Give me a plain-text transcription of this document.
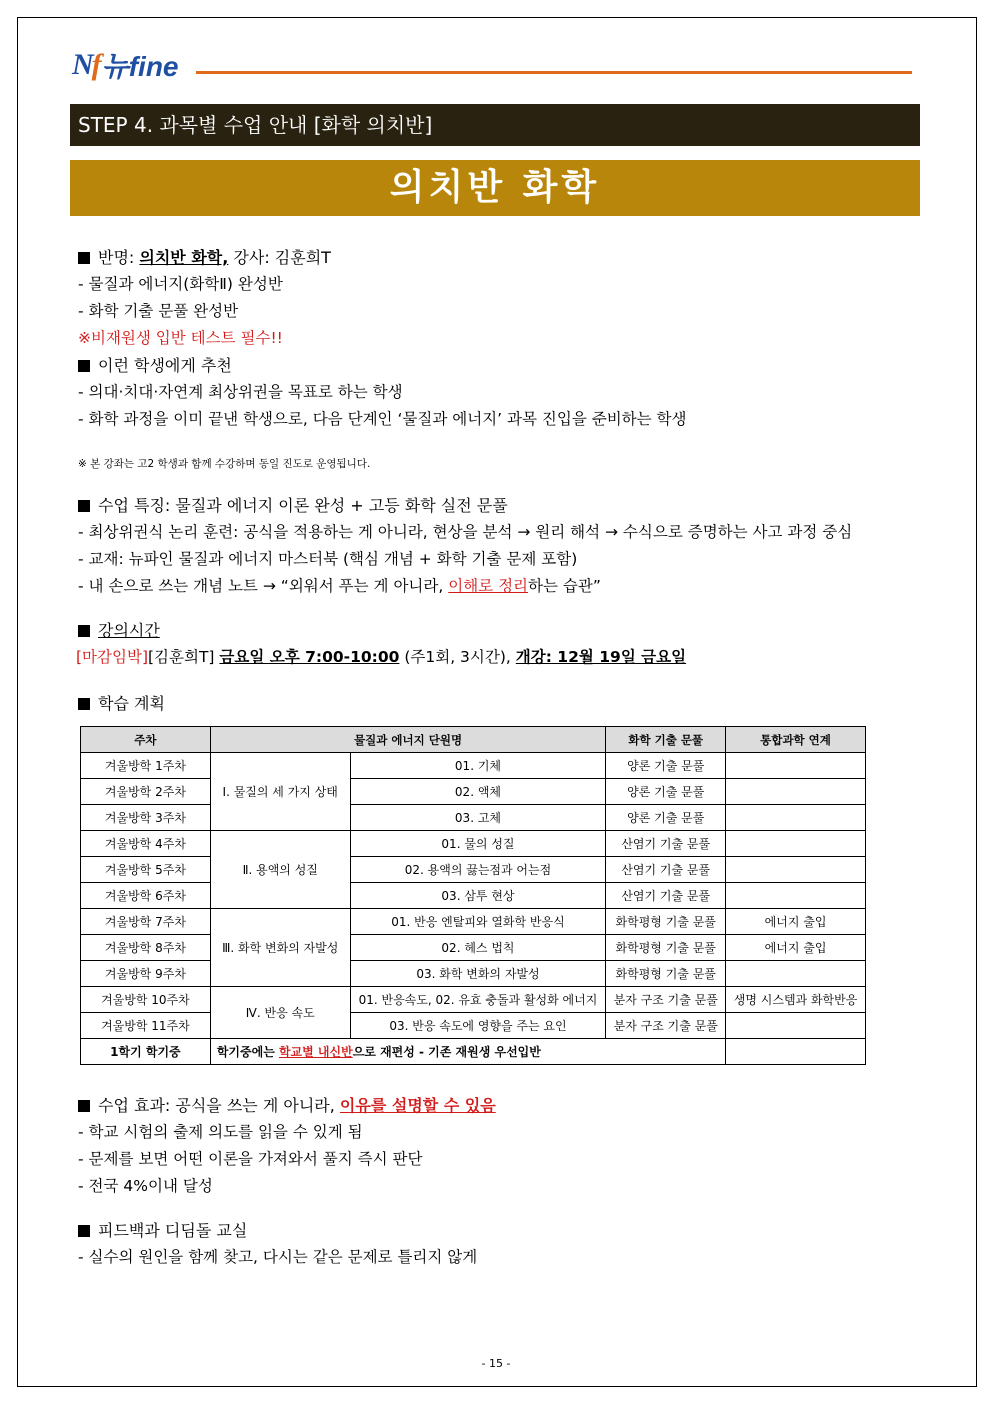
Nf 뉴fine
STEP 4. 과목별 수업 안내 [화학 의치반]
의치반 화학
반명: 의치반 화학, 강사: 김훈희T
- 물질과 에너지(화학Ⅱ) 완성반
- 화학 기출 문풀 완성반
※비재원생 입반 테스트 필수!!
이런 학생에게 추천
- 의대·치대·자연계 최상위권을 목표로 하는 학생
- 화학 과정을 이미 끝낸 학생으로, 다음 단계인 ‘물질과 에너지’ 과목 진입을 준비하는 학생
※ 본 강좌는 고2 학생과 함께 수강하며 동일 진도로 운영됩니다.
수업 특징: 물질과 에너지 이론 완성 + 고등 화학 실전 문풀
- 최상위권식 논리 훈련: 공식을 적용하는 게 아니라, 현상을 분석 → 원리 해석 → 수식으로 증명하는 사고 과정 중심
- 교재: 뉴파인 물질과 에너지 마스터북 (핵심 개념 + 화학 기출 문제 포함)
- 내 손으로 쓰는 개념 노트 → “외워서 푸는 게 아니라, 이해로 정리하는 습관”
강의시간
[마감임박][김훈희T] 금요일 오후 7:00-10:00 (주1회, 3시간), 개강: 12월 19일 금요일
학습 계획
주차	물질과 에너지 단원명		화학 기출 문풀	통합과학 연계
겨울방학 1주차	Ⅰ. 물질의 세 가지 상태	01. 기체	양론 기출 문풀	
겨울방학 2주차		02. 액체	양론 기출 문풀	
겨울방학 3주차		03. 고체	양론 기출 문풀	
겨울방학 4주차	Ⅱ. 용액의 성질	01. 물의 성질	산염기 기출 문풀	
겨울방학 5주차		02. 용액의 끓는점과 어는점	산염기 기출 문풀	
겨울방학 6주차		03. 삼투 현상	산염기 기출 문풀	
겨울방학 7주차	Ⅲ. 화학 변화의 자발성	01. 반응 엔탈피와 열화학 반응식	화학평형 기출 문풀	에너지 출입
겨울방학 8주차		02. 헤스 법칙	화학평형 기출 문풀	에너지 출입
겨울방학 9주차		03. 화학 변화의 자발성	화학평형 기출 문풀	
겨울방학 10주차	Ⅳ. 반응 속도	01. 반응속도, 02. 유효 충돌과 활성화 에너지	분자 구조 기출 문풀	생명 시스템과 화학반응
겨울방학 11주차		03. 반응 속도에 영향을 주는 요인	분자 구조 기출 문풀	
1학기 학기중	학기중에는 학교별 내신반으로 재편성 - 기존 재원생 우선입반			
수업 효과: 공식을 쓰는 게 아니라, 이유를 설명할 수 있음
- 학교 시험의 출제 의도를 읽을 수 있게 됨
- 문제를 보면 어떤 이론을 가져와서 풀지 즉시 판단
- 전국 4%이내 달성
피드백과 디딤돌 교실
- 실수의 원인을 함께 찾고, 다시는 같은 문제로 틀리지 않게
- 15 -
